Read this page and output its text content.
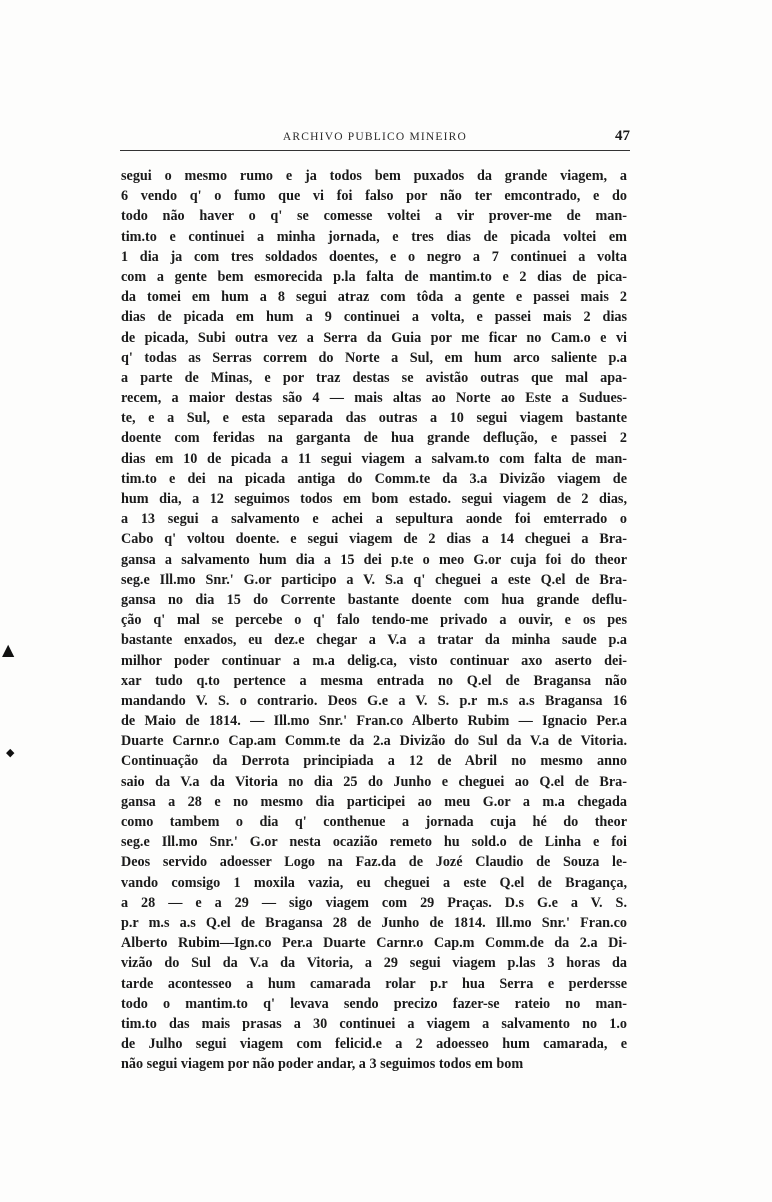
ARCHIVO PUBLICO MINEIRO	47
▲
◆
segui o mesmo rumo e ja todos bem puxados da grande viagem, a
6 vendo q' o fumo que vi foi falso por não ter emcontrado, e do
todo não haver o q' se comesse voltei a vir prover-me de man-
tim.to e continuei a minha jornada, e tres dias de picada voltei em
1 dia ja com tres soldados doentes, e o negro a 7 continuei a volta
com a gente bem esmorecida p.la falta de mantim.to e 2 dias de pica-
da tomei em hum a 8 segui atraz com tôda a gente e passei mais 2
dias de picada em hum a 9 continuei a volta, e passei mais 2 dias
de picada, Subi outra vez a Serra da Guia por me ficar no Cam.o e vi
q' todas as Serras correm do Norte a Sul, em hum arco saliente p.a
a parte de Minas, e por traz destas se avistão outras que mal apa-
recem, a maior destas são 4 — mais altas ao Norte ao Este a Sudues-
te, e a Sul, e esta separada das outras a 10 segui viagem bastante
doente com feridas na garganta de hua grande deflução, e passei 2
dias em 10 de picada a 11 segui viagem a salvam.to com falta de man-
tim.to e dei na picada antiga do Comm.te da 3.a Divizão viagem de
hum dia, a 12 seguimos todos em bom estado. segui viagem de 2 dias,
a 13 segui a salvamento e achei a sepultura aonde foi emterrado o
Cabo q' voltou doente. e segui viagem de 2 dias a 14 cheguei a Bra-
gansa a salvamento hum dia a 15 dei p.te o meo G.or cuja foi do theor
seg.e Ill.mo Snr.' G.or participo a V. S.a q' cheguei a este Q.el de Bra-
gansa no dia 15 do Corrente bastante doente com hua grande deflu-
ção q' mal se percebe o q' falo tendo-me privado a ouvir, e os pes
bastante enxados, eu dez.e chegar a V.a a tratar da minha saude p.a
milhor poder continuar a m.a delig.ca, visto continuar axo aserto dei-
xar tudo q.to pertence a mesma entrada no Q.el de Bragansa não
mandando V. S. o contrario. Deos G.e a V. S. p.r m.s a.s Bragansa 16
de Maio de 1814. — Ill.mo Snr.' Fran.co Alberto Rubim — Ignacio Per.a
Duarte Carnr.o Cap.am Comm.te da 2.a Divizão do Sul da V.a de Vitoria.
Continuação da Derrota principiada a 12 de Abril no mesmo anno
saio da V.a da Vitoria no dia 25 do Junho e cheguei ao Q.el de Bra-
gansa a 28 e no mesmo dia participei ao meu G.or a m.a chegada
como tambem o dia q' conthenue a jornada cuja hé do theor
seg.e Ill.mo Snr.' G.or nesta ocazião remeto hu sold.o de Linha e foi
Deos servido adoesser Logo na Faz.da de Jozé Claudio de Souza le-
vando comsigo 1 moxila vazia, eu cheguei a este Q.el de Bragança,
a 28 — e a 29 — sigo viagem com 29 Praças. D.s G.e a V. S.
p.r m.s a.s Q.el de Bragansa 28 de Junho de 1814. Ill.mo Snr.' Fran.co
Alberto Rubim—Ign.co Per.a Duarte Carnr.o Cap.m Comm.de da 2.a Di-
vizão do Sul da V.a da Vitoria, a 29 segui viagem p.las 3 horas da
tarde acontesseo a hum camarada rolar p.r hua Serra e perdersse
todo o mantim.to q' levava sendo precizo fazer-se rateio no man-
tim.to das mais prasas a 30 continuei a viagem a salvamento no 1.o
de Julho segui viagem com felicid.e a 2 adoesseo hum camarada, e
não segui viagem por não poder andar, a 3 seguimos todos em bom
